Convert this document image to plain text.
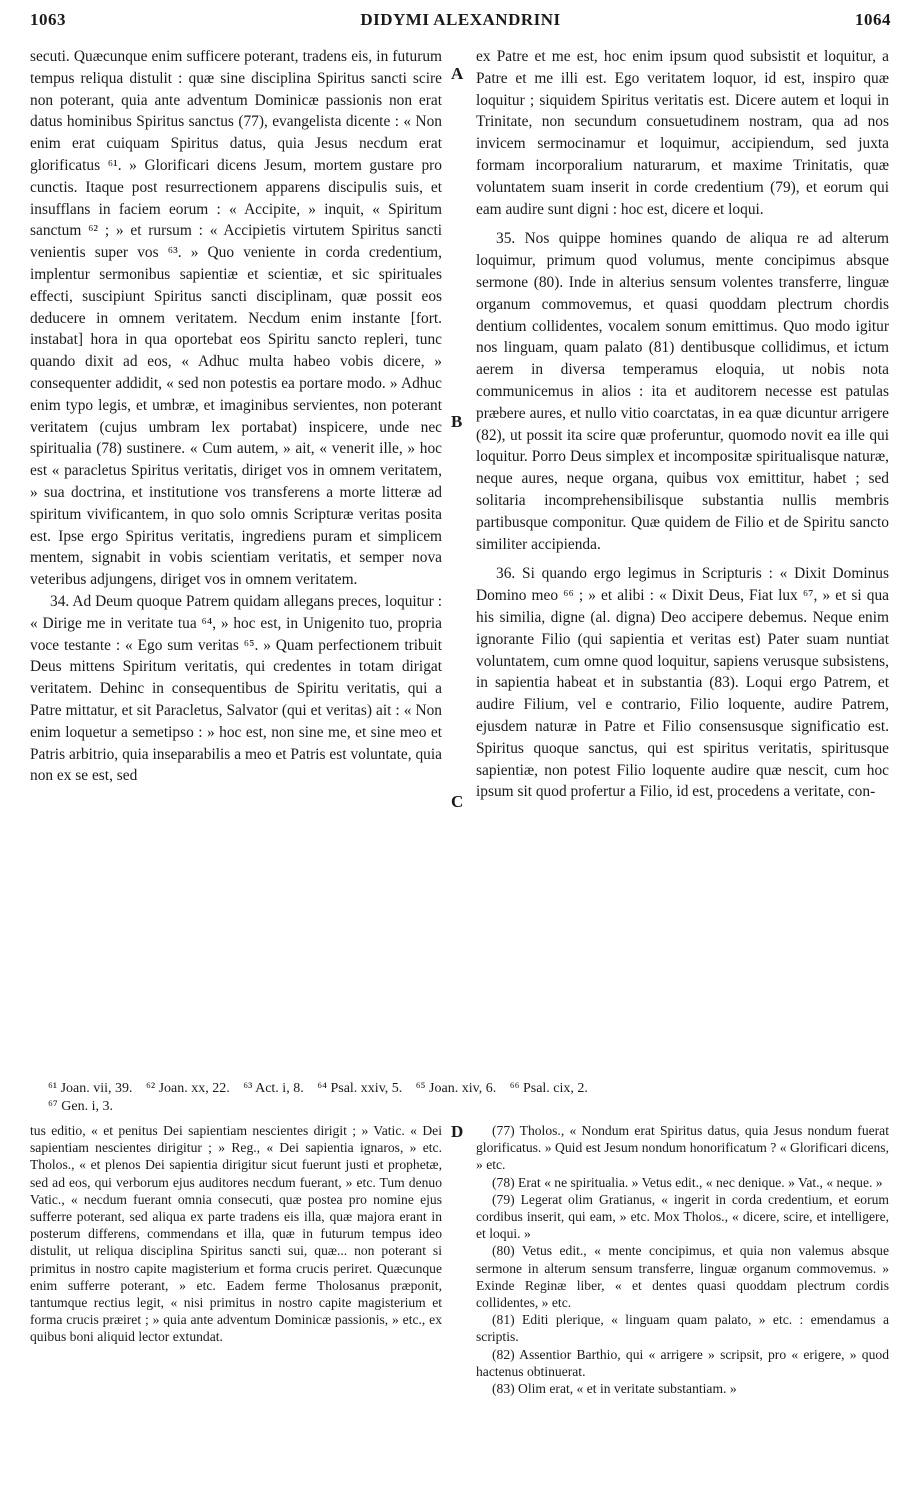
1063	DIDYMI ALEXANDRINI	1064

secuti. Quæcunque enim sufficere poterant, tradens eis, in futurum tempus reliqua distulit : quæ sine disciplina Spiritus sancti scire non poterant, quia ante adventum Dominicæ passionis non erat datus hominibus Spiritus sanctus (77), evangelista dicente : « Non enim erat cuiquam Spiritus datus, quia Jesus necdum erat glorificatus ⁶¹. » Glorificari dicens Jesum, mortem gustare pro cunctis. Itaque post resurrectionem apparens discipulis suis, et insufflans in faciem eorum : « Accipite, » inquit, « Spiritum sanctum ⁶² ; » et rursum : « Accipietis virtutem Spiritus sancti venientis super vos ⁶³. » Quo veniente in corda credentium, implentur sermonibus sapientiæ et scientiæ, et sic spirituales effecti, suscipiunt Spiritus sancti disciplinam, quæ possit eos deducere in omnem veritatem. Necdum enim instante [fort. instabat] hora in qua oportebat eos Spiritu sancto repleri, tunc quando dixit ad eos, « Adhuc multa habeo vobis dicere, » consequenter addidit, « sed non potestis ea portare modo. » Adhuc enim typo legis, et umbræ, et imaginibus servientes, non poterant veritatem (cujus umbram lex portabat) inspicere, unde nec spiritualia (78) sustinere. « Cum autem, » ait, « venerit ille, » hoc est « paracletus Spiritus veritatis, diriget vos in omnem veritatem, » sua doctrina, et institutione vos transferens a morte litteræ ad spiritum vivificantem, in quo solo omnis Scripturæ veritas posita est. Ipse ergo Spiritus veritatis, ingrediens puram et simplicem mentem, signabit in vobis scientiam veritatis, et semper nova veteribus adjungens, diriget vos in omnem veritatem.

34. Ad Deum quoque Patrem quidam allegans preces, loquitur : « Dirige me in veritate tua ⁶⁴, » hoc est, in Unigenito tuo, propria voce testante : « Ego sum veritas ⁶⁵. » Quam perfectionem tribuit Deus mittens Spiritum veritatis, qui credentes in totam dirigat veritatem. Dehinc in consequentibus de Spiritu veritatis, qui a Patre mittatur, et sit Paracletus, Salvator (qui et veritas) ait : « Non enim loquetur a semetipso : » hoc est, non sine me, et sine meo et Patris arbitrio, quia inseparabilis a meo et Patris est voluntate, quia non ex se est, sed

A
B
C
D

ex Patre et me est, hoc enim ipsum quod subsistit et loquitur, a Patre et me illi est. Ego veritatem loquor, id est, inspiro quæ loquitur ; siquidem Spiritus veritatis est. Dicere autem et loqui in Trinitate, non secundum consuetudinem nostram, qua ad nos invicem sermocinamur et loquimur, accipiendum, sed juxta formam incorporalium naturarum, et maxime Trinitatis, quæ voluntatem suam inserit in corde credentium (79), et eorum qui eam audire sunt digni : hoc est, dicere et loqui.

35. Nos quippe homines quando de aliqua re ad alterum loquimur, primum quod volumus, mente concipimus absque sermone (80). Inde in alterius sensum volentes transferre, linguæ organum commovemus, et quasi quoddam plectrum chordis dentium collidentes, vocalem sonum emittimus. Quo modo igitur nos linguam, quam palato (81) dentibusque collidimus, et ictum aerem in diversa temperamus eloquia, ut nobis nota communicemus in alios : ita et auditorem necesse est patulas præbere aures, et nullo vitio coarctatas, in ea quæ dicuntur arrigere (82), ut possit ita scire quæ proferuntur, quomodo novit ea ille qui loquitur. Porro Deus simplex et incompositæ spiritualisque naturæ, neque aures, neque organa, quibus vox emittitur, habet ; sed solitaria incomprehensibilisque substantia nullis membris partibusque componitur. Quæ quidem de Filio et de Spiritu sancto similiter accipienda.

36. Si quando ergo legimus in Scripturis : « Dixit Dominus Domino meo ⁶⁶ ; » et alibi : « Dixit Deus, Fiat lux ⁶⁷, » et si qua his similia, digne (al. digna) Deo accipere debemus. Neque enim ignorante Filio (qui sapientia et veritas est) Pater suam nuntiat voluntatem, cum omne quod loquitur, sapiens verusque subsistens, in sapientia habeat et in substantia (83). Loqui ergo Patrem, et audire Filium, vel e contrario, Filio loquente, audire Patrem, ejusdem naturæ in Patre et Filio consensusque significatio est. Spiritus quoque sanctus, qui est spiritus veritatis, spiritusque sapientiæ, non potest Filio loquente audire quæ nescit, cum hoc ipsum sit quod profertur a Filio, id est, procedens a veritate, con-

⁶¹ Joan. vii, 39. ⁶² Joan. xx, 22. ⁶³ Act. i, 8. ⁶⁴ Psal. xxiv, 5. ⁶⁵ Joan. xiv, 6. ⁶⁶ Psal. cix, 2.
⁶⁷ Gen. i, 3.

tus editio, « et penitus Dei sapientiam nescientes dirigit ; » Vatic. « Dei sapientiam nescientes dirigitur ; » Reg., « Dei sapientia ignaros, » etc. Tholos., « et plenos Dei sapientia dirigitur sicut fuerunt justi et prophetæ, sed ad eos, qui verborum ejus auditores necdum fuerant, » etc. Tum denuo Vatic., « necdum fuerant omnia consecuti, quæ postea pro nomine ejus sufferre poterant, sed aliqua ex parte tradens eis illa, quæ majora erant in posterum differens, commendans et illa, quæ in futurum tempus ideo distulit, ut reliqua disciplina Spiritus sancti sui, quæ... non poterant si primitus in nostro capite magisterium et forma crucis periret. Quæcunque enim sufferre poterant, » etc. Eadem ferme Tholosanus præponit, tantumque rectius legit, « nisi primitus in nostro capite magisterium et forma crucis præiret ; » quia ante adventum Dominicæ passionis, » etc., ex quibus boni aliquid lector extundat.

(77) Tholos., « Nondum erat Spiritus datus, quia Jesus nondum fuerat glorificatus. » Quid est Jesum nondum honorificatum ? « Glorificari dicens, » etc.

(78) Erat « ne spiritualia. » Vetus edit., « nec denique. » Vat., « neque. »

(79) Legerat olim Gratianus, « ingerit in corda credentium, et eorum cordibus inserit, qui eam, » etc. Mox Tholos., « dicere, scire, et intelligere, et loqui. »

(80) Vetus edit., « mente concipimus, et quia non valemus absque sermone in alterum sensum transferre, linguæ organum commovemus. » Exinde Reginæ liber, « et dentes quasi quoddam plectrum cordis collidentes, » etc.

(81) Editi plerique, « linguam quam palato, » etc. : emendamus a scriptis.

(82) Assentior Barthio, qui « arrigere » scripsit, pro « erigere, » quod hactenus obtinuerat.

(83) Olim erat, « et in veritate substantiam. »
